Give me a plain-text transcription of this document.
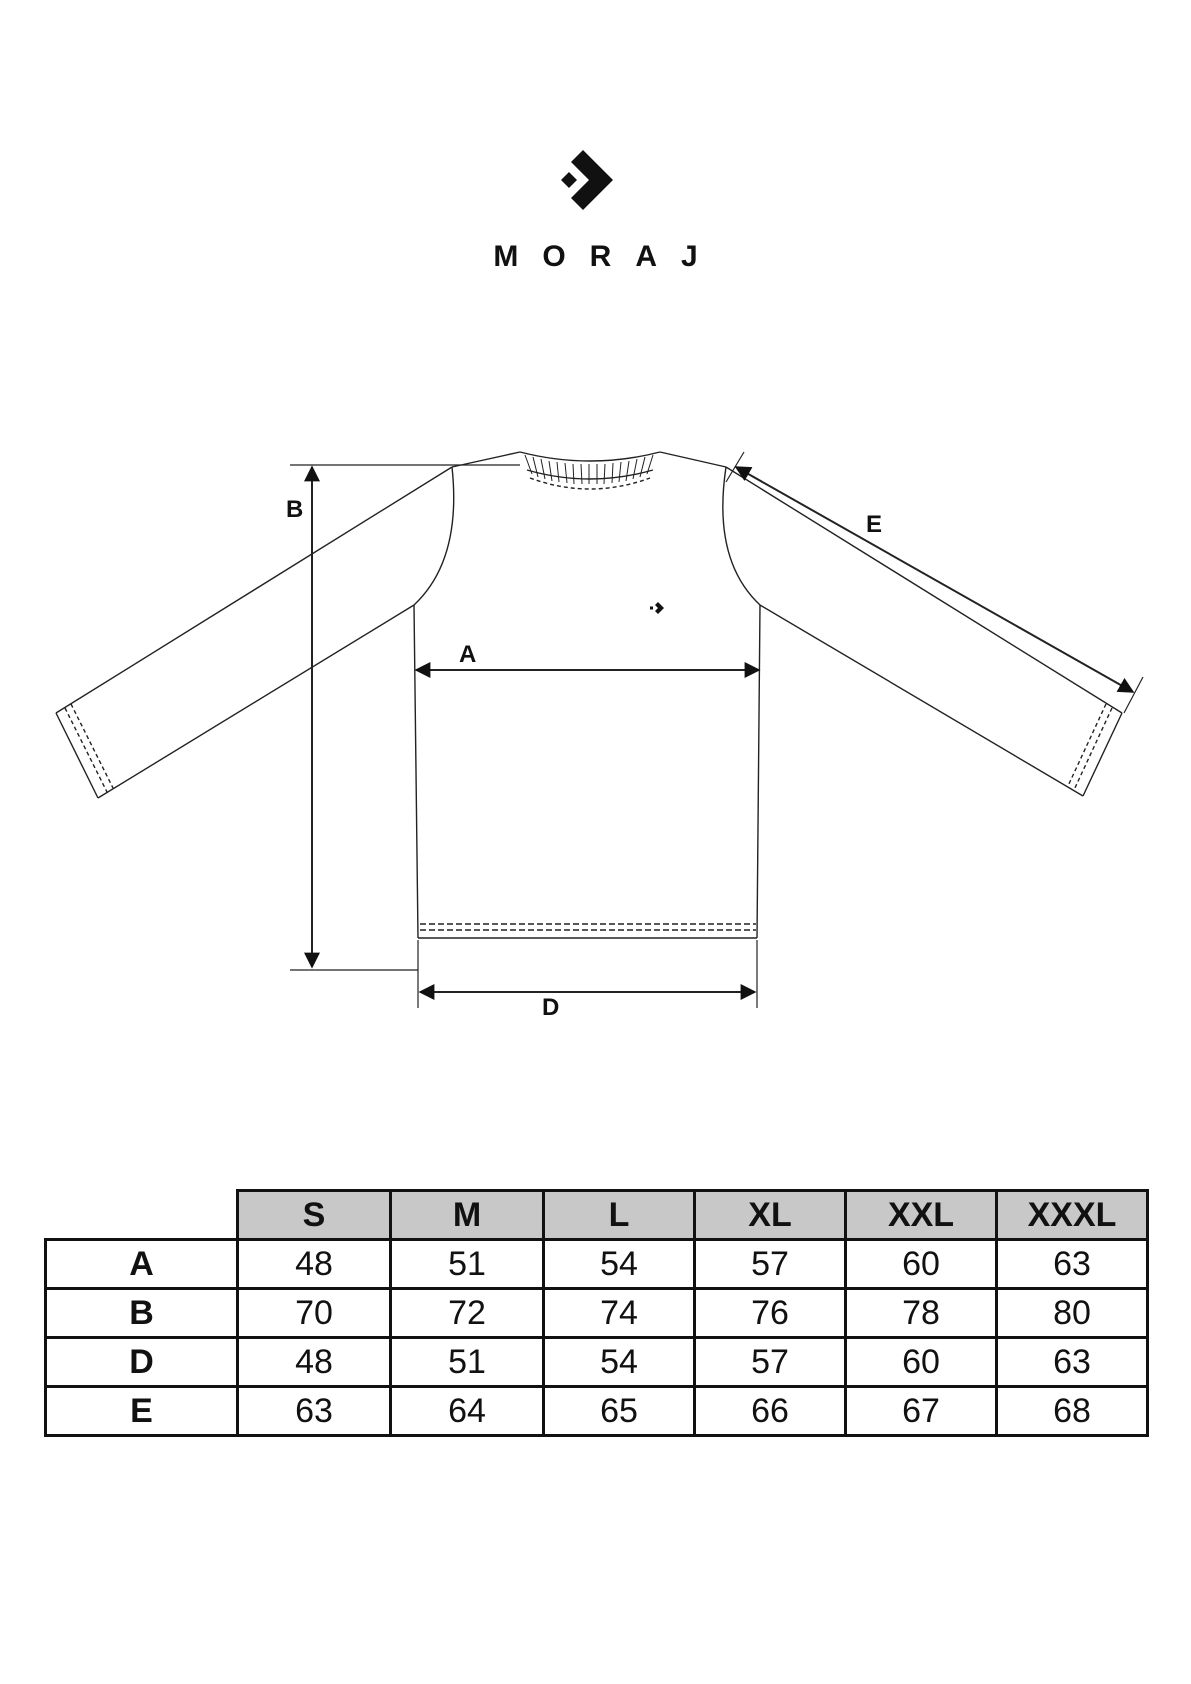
MORAJ
B
A
D
E
	S	M	L	XL	XXL	XXXL
A	48	51	54	57	60	63
B	70	72	74	76	78	80
D	48	51	54	57	60	63
E	63	64	65	66	67	68
